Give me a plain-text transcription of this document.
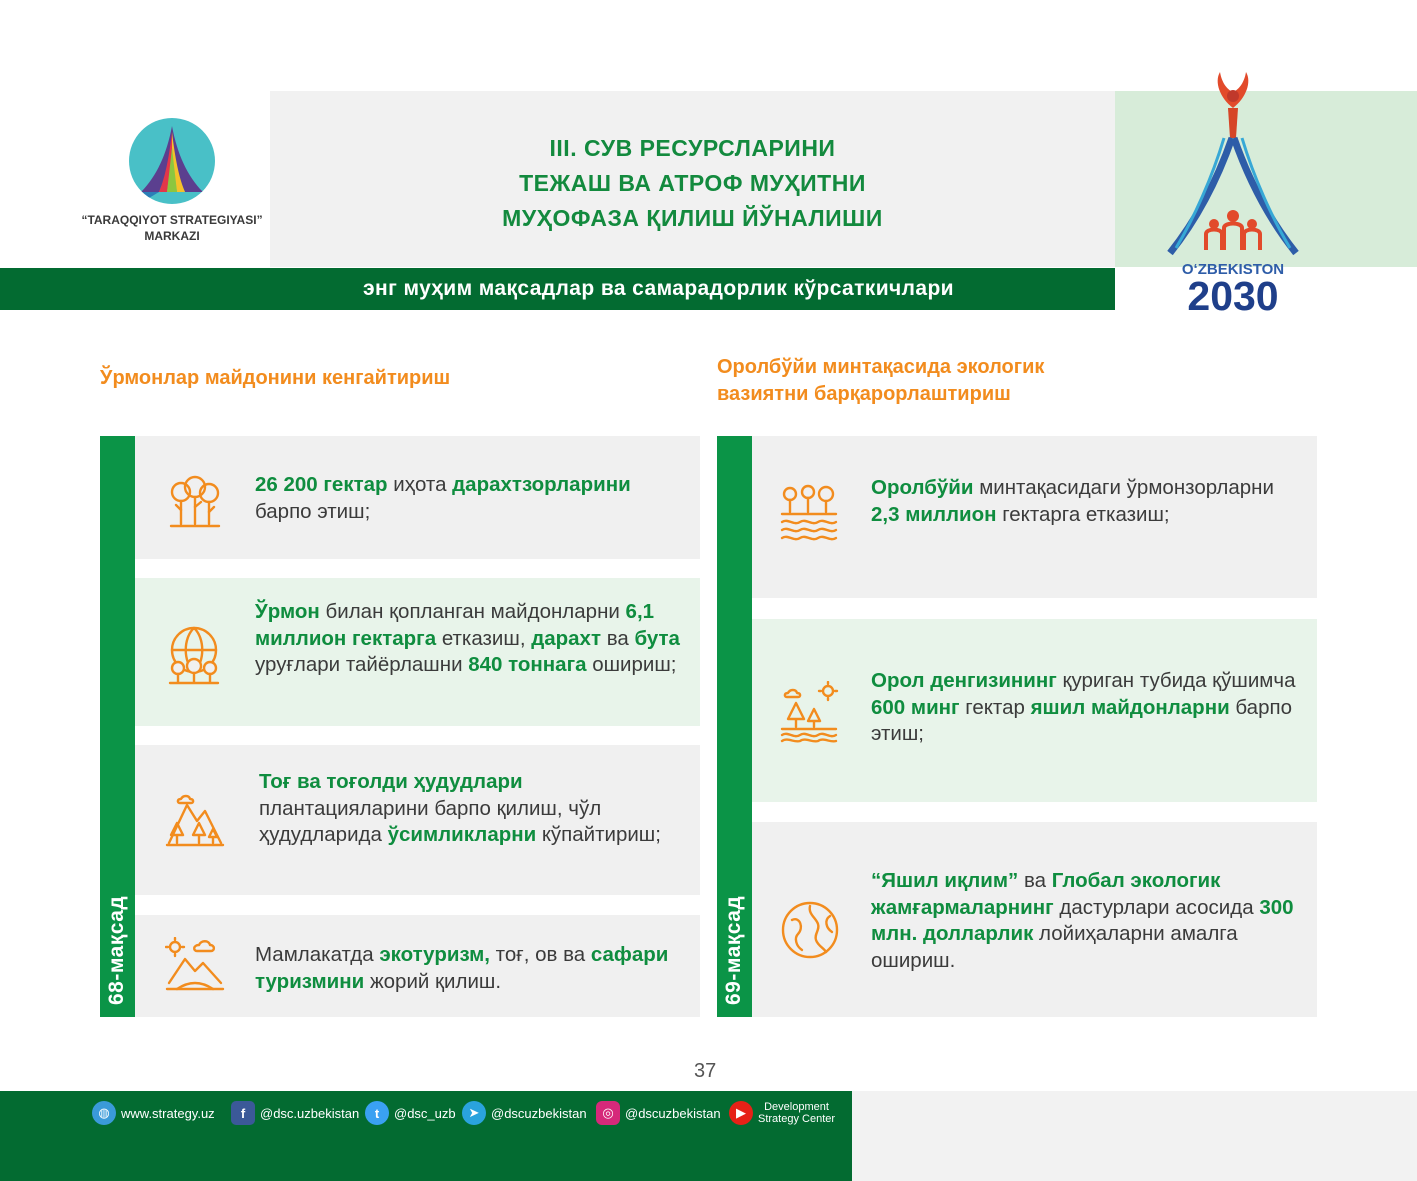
“TARAQQIYOT STRATEGIYASI”
MARKAZI
III. СУВ РЕСУРСЛАРИНИ
ТЕЖАШ ВА АТРОФ МУҲИТНИ
МУҲОФАЗА ҚИЛИШ ЙЎНАЛИШИ
O‘ZBEKISTON
2030
энг муҳим мақсадлар ва самарадорлик кўрсаткичлари
Ўрмонлар майдонини кенгайтириш	Оролбўйи минтақасида экологик
вазиятни барқарорлаштириш
68-мақсад	69-мақсад
26 200 гектар иҳота дарахтзорларини барпо этиш;
Ўрмон билан қопланган майдонларни 6,1 миллион гектарга етказиш, дарахт ва бута уруғлари тайёрлашни 840 тоннага ошириш;
Тоғ ва тоғолди ҳудудлари плантацияларини барпо қилиш, чўл ҳудудларида ўсимликларни кўпайтириш;
Мамлакатда экотуризм, тоғ, ов ва сафари туризмини жорий қилиш.
Оролбўйи минтақасидаги ўрмонзорларни 2,3 миллион гектарга етказиш;
Орол денгизининг қуриган тубида қўшимча 600 минг гектар яшил майдонларни барпо этиш;
“Яшил иқлим” ва Глобал экологик жамғармаларнинг дастурлари асосида 300 млн. долларлик лойиҳаларни амалга ошириш.
37
◍ www.strategy.uz	f	@dsc.uzbekistan	t	@dsc_uzb ➤ @dscuzbekistan	◎ @dscuzbekistan	▶	Development
Strategy Center
